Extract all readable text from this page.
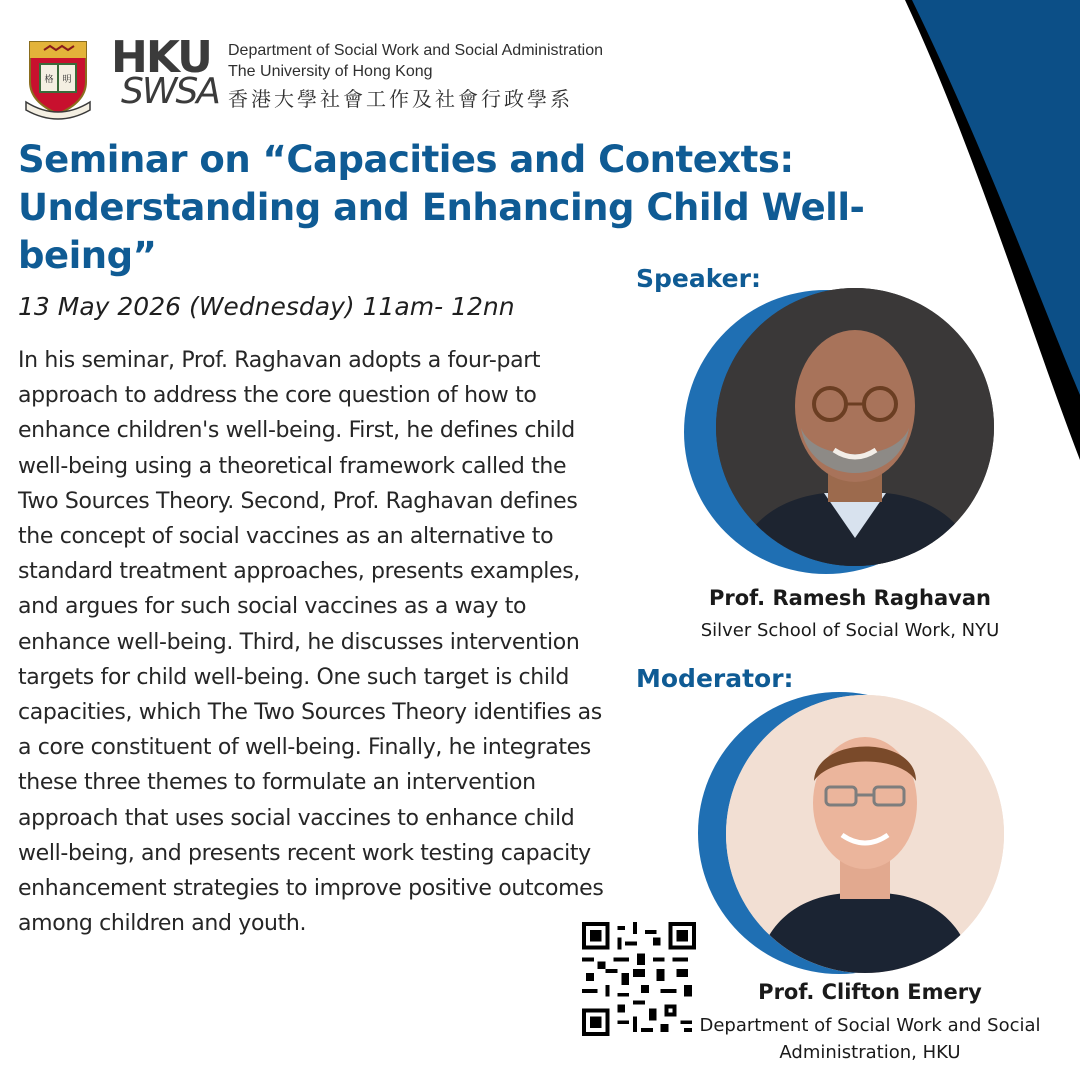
格 明 HKU
SWSA
Department of Social Work and Social Administration
The University of Hong Kong
香港大學社會工作及社會行政學系
Seminar on “Capacities and Contexts: Understanding and Enhancing Child Well-being”
13 May 2026 (Wednesday) 11am- 12nn
In his seminar, Prof. Raghavan adopts a four-part approach to address the core question of how to enhance children's well-being. First, he defines child well-being using a theoretical framework called the Two Sources Theory. Second, Prof. Raghavan defines the concept of social vaccines as an alternative to standard treatment approaches, presents examples, and argues for such social vaccines as a way to enhance well-being. Third, he discusses intervention targets for child well-being. One such target is child capacities, which The Two Sources Theory identifies as a core constituent of well-being. Finally, he integrates these three themes to formulate an intervention approach that uses social vaccines to enhance child well-being, and presents recent work testing capacity enhancement strategies to improve positive outcomes among children and youth.
Speaker:
Prof. Ramesh Raghavan
Silver School of Social Work, NYU
Moderator:
Prof. Clifton Emery
Department of Social Work and Social Administration, HKU
